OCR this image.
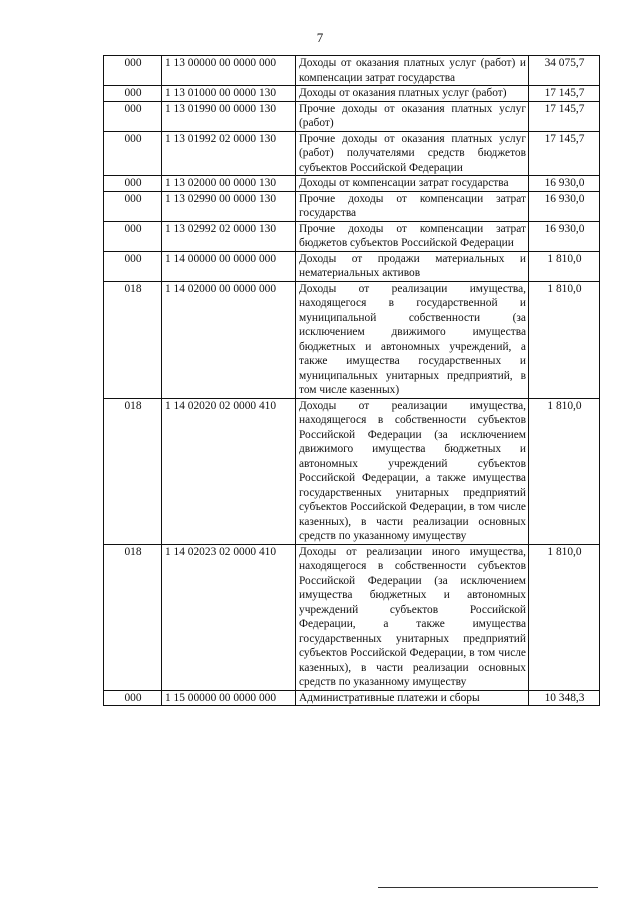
7
000	1 13 00000 00 0000 000	Доходы от оказания платных услуг (работ) и компенсации затрат государства	34 075,7
000	1 13 01000 00 0000 130	Доходы от оказания платных услуг (работ)	17 145,7
000	1 13 01990 00 0000 130	Прочие доходы от оказания платных услуг (работ)	17 145,7
000	1 13 01992 02 0000 130	Прочие доходы от оказания платных услуг (работ) получателями средств бюджетов субъектов Российской Федерации	17 145,7
000	1 13 02000 00 0000 130	Доходы от компенсации затрат государства	16 930,0
000	1 13 02990 00 0000 130	Прочие доходы от компенсации затрат государства	16 930,0
000	1 13 02992 02 0000 130	Прочие доходы от компенсации затрат бюджетов субъектов Российской Федерации	16 930,0
000	1 14 00000 00 0000 000	Доходы от продажи материальных и нематериальных активов	1 810,0
018	1 14 02000 00 0000 000	Доходы от реализации имущества, находящегося в государственной и муниципальной собственности (за исключением движимого имущества бюджетных и автономных учреждений, а также имущества государственных и муниципальных унитарных предприятий, в том числе казенных)	1 810,0
018	1 14 02020 02 0000 410	Доходы от реализации имущества, находящегося в собственности субъектов Российской Федерации (за исключением движимого имущества бюджетных и автономных учреждений субъектов Российской Федерации, а также имущества государственных унитарных предприятий субъектов Российской Федерации, в том числе казенных), в части реализации основных средств по указанному имуществу	1 810,0
018	1 14 02023 02 0000 410	Доходы от реализации иного имущества, находящегося в собственности субъектов Российской Федерации (за исключением имущества бюджетных и автономных учреждений субъектов Российской Федерации, а также имущества государственных унитарных предприятий субъектов Российской Федерации, в том числе казенных), в части реализации основных средств по указанному имуществу	1 810,0
000	1 15 00000 00 0000 000	Административные платежи и сборы	10 348,3
